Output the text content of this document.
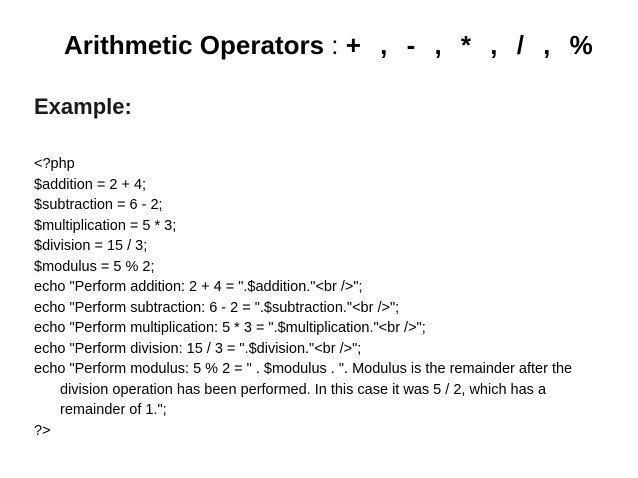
Arithmetic Operators : + , - , * , / , %
Example:
<?php
$addition = 2 + 4;
$subtraction = 6 - 2;
$multiplication = 5 * 3;
$division = 15 / 3;
$modulus = 5 % 2;
echo "Perform addition: 2 + 4 = ".$addition."<br />";
echo "Perform subtraction: 6 - 2 = ".$subtraction."<br />";
echo "Perform multiplication: 5 * 3 = ".$multiplication."<br />";
echo "Perform division: 15 / 3 = ".$division."<br />";
echo "Perform modulus: 5 % 2 = " . $modulus . ". Modulus is the remainder after the division operation has been performed. In this case it was 5 / 2, which has a remainder of 1.";
?>
